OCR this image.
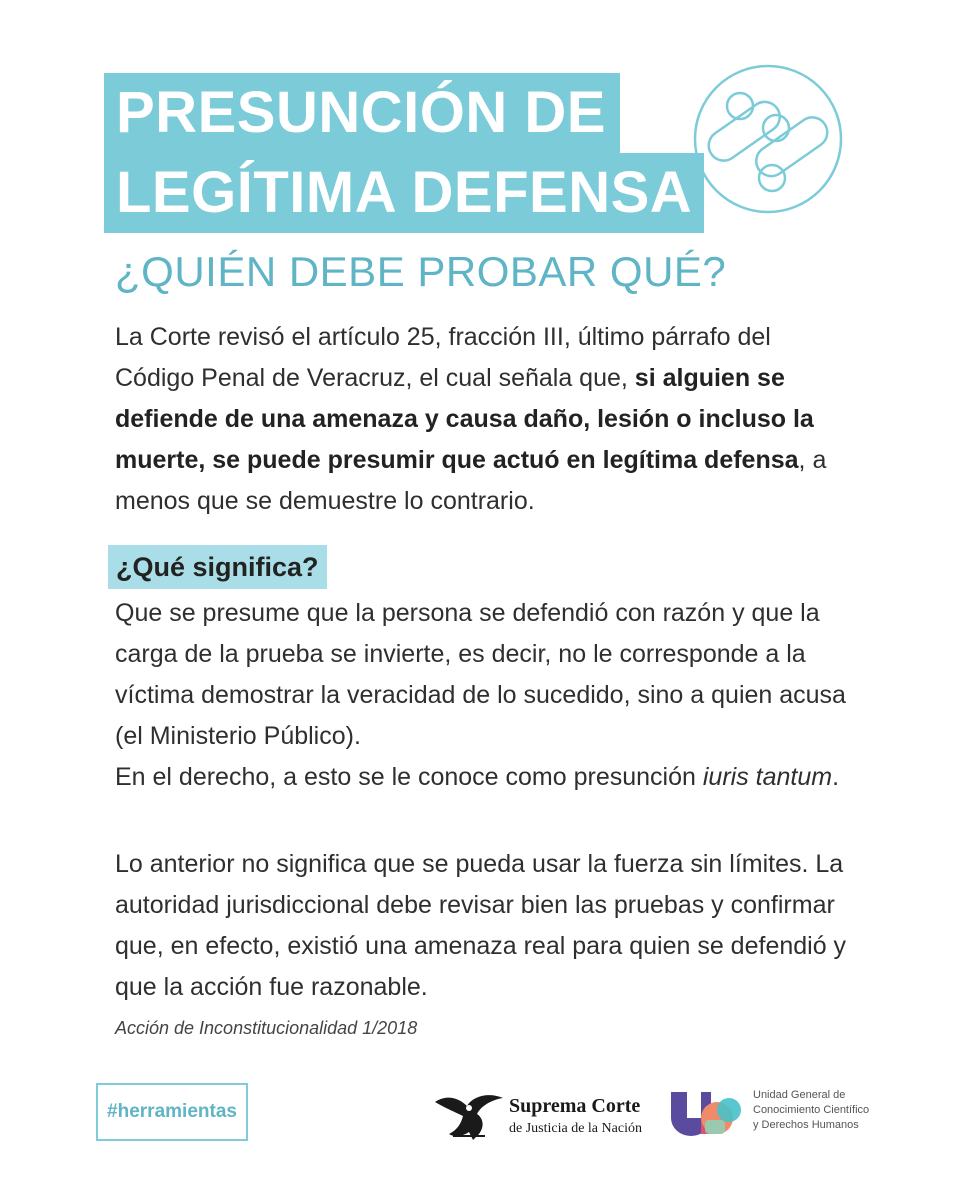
PRESUNCIÓN DE
LEGÍTIMA DEFENSA
¿QUIÉN DEBE PROBAR QUÉ?

La Corte revisó el artículo 25, fracción III, último párrafo del Código Penal de Veracruz, el cual señala que, si alguien se defiende de una amenaza y causa daño, lesión o incluso la muerte, se puede presumir que actuó en legítima defensa, a menos que se demuestre lo contrario.

¿Qué significa?

Que se presume que la persona se defendió con razón y que la carga de la prueba se invierte, es decir, no le corresponde a la víctima demostrar la veracidad de lo sucedido, sino a quien acusa (el Ministerio Público).
En el derecho, a esto se le conoce como presunción iuris tantum.

Lo anterior no significa que se pueda usar la fuerza sin límites. La autoridad jurisdiccional debe revisar bien las pruebas y confirmar que, en efecto, existió una amenaza real para quien se defendió y que la acción fue razonable.

Acción de Inconstitucionalidad 1/2018
#herramientas	Suprema Corte
de Justicia de la Nación
Unidad General de
Conocimiento Científico
y Derechos Humanos
